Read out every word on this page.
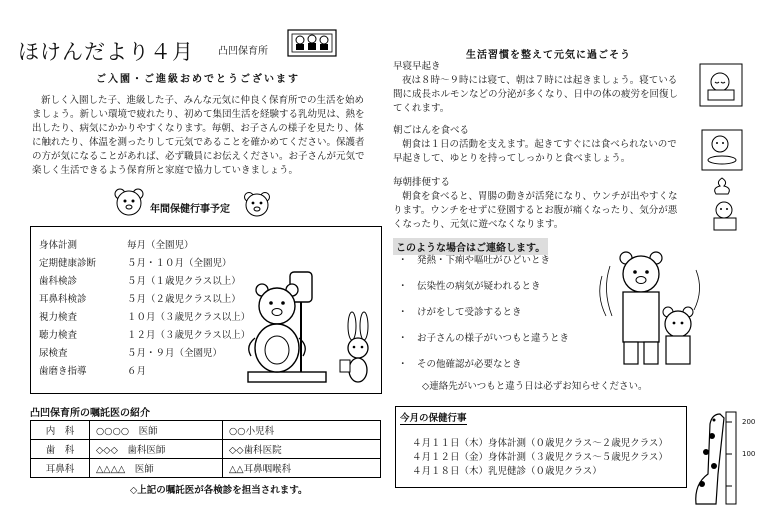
ほけんだより４月 凸凹保育所
ご入園・ご進級おめでとうございます
新しく入園した子、進級した子、みんな元気に仲良く保育所での生活を始め
ましょう。新しい環境で疲れたり、初めて集団生活を経験する乳幼児は、熱を
出したり、病気にかかりやすくなります。毎朝、お子さんの様子を見たり、体
に触れたり、体温を測ったりして元気であることを確かめてください。保護者
の方が気になることがあれば、必ず職員にお伝えください。お子さんが元気で
楽しく生活できるよう保育所と家庭で協力していきましょう。
年間保健行事予定
身体計測	毎月（全園児）
定期健康診断	５月・１０月（全園児）
歯科検診	５月（１歳児クラス以上）
耳鼻科検診	５月（２歳児クラス以上）
視力検査	１０月（３歳児クラス以上）
聴力検査	１２月（３歳児クラス以上）
尿検査	５月・９月（全園児）
歯磨き指導	６月
凸凹保育所の嘱託医の紹介
内　科	○○○○　医師	○○小児科
歯　科	◇◇◇　歯科医師	◇◇歯科医院
耳鼻科	△△△△　医師	△△耳鼻咽喉科
◇上記の嘱託医が各検診を担当されます。
生活習慣を整えて元気に過ごそう
早寝早起き
夜は８時～９時には寝て、朝は７時には起きましょう。寝ている
間に成長ホルモンなどの分泌が多くなり、日中の体の疲労を回復し
てくれます。
朝ごはんを食べる
朝食は１日の活動を支えます。起きてすぐには食べられないので
早起きして、ゆとりを持ってしっかりと食べましょう。
毎朝排便する
朝食を食べると、胃腸の動きが活発になり、ウンチが出やすくな
ります。ウンチをせずに登園するとお腹が痛くなったり、気分が悪
くなったり、元気に遊べなくなります。
このような場合はご連絡します。
・　発熱・下痢や嘔吐がひどいとき
・　伝染性の病気が疑われるとき
・　けがをして受診するとき
・　お子さんの様子がいつもと違うとき
・　その他確認が必要なとき
◇連絡先がいつもと違う日は必ずお知らせください。
今月の保健行事
４月１１日（木）身体計測（０歳児クラス～２歳児クラス）
４月１２日（金）身体計測（３歳児クラス～５歳児クラス）
４月１８日（木）乳児健診（０歳児クラス）
200
100
